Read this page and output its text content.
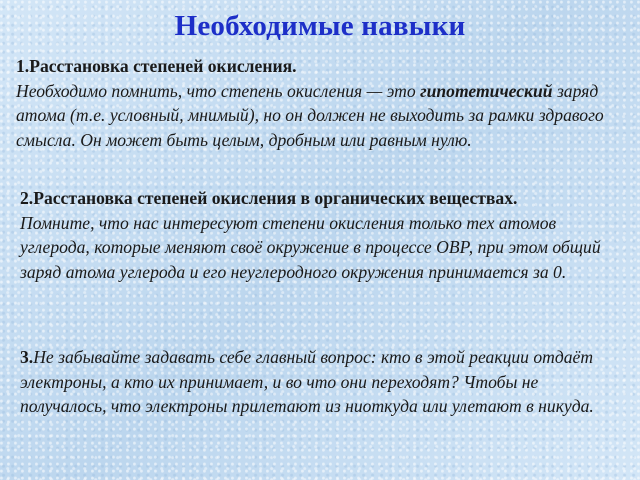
Необходимые навыки
1.Расстановка степеней окисления.
Необходимо помнить, что степень окисления — это гипотетический заряд атома (т.е. условный, мнимый), но он должен не выходить за рамки здравого смысла. Он может быть целым, дробным или равным нулю.
2.Расстановка степеней окисления в органических веществах.
Помните, что нас интересуют степени окисления только тех атомов углерода, которые меняют своё окружение в процессе ОВР, при этом общий заряд атома углерода и его неуглеродного окружения принимается за 0.
3.Не забывайте задавать себе главный вопрос: кто в этой реакции отдаёт электроны, а кто их принимает, и во что они переходят? Чтобы не получалось, что электроны прилетают из ниоткуда или улетают в никуда.
